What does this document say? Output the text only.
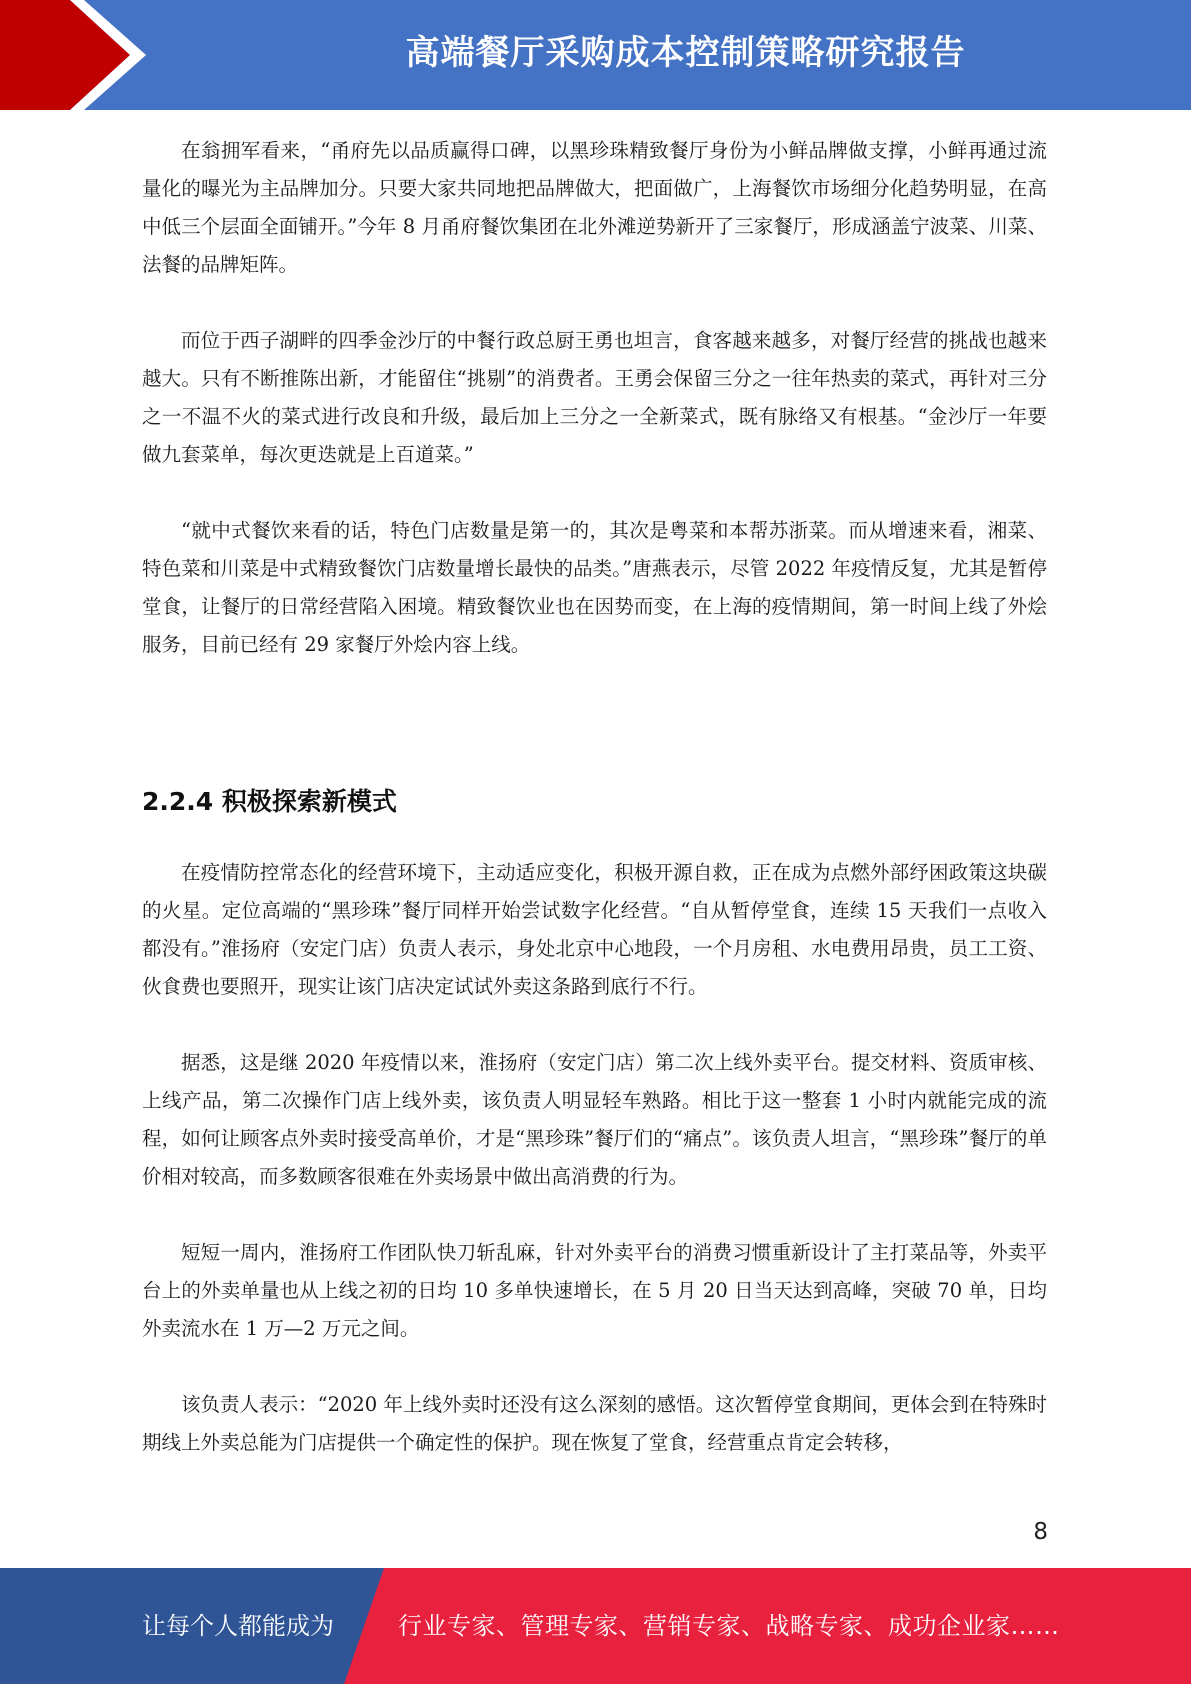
高端餐厅采购成本控制策略研究报告

在翁拥军看来，“甬府先以品质赢得口碑，以黑珍珠精致餐厅身份为小鲜品牌做支撑，小鲜再通过流量化的曝光为主品牌加分。只要大家共同地把品牌做大，把面做广，上海餐饮市场细分化趋势明显，在高中低三个层面全面铺开。”今年 8 月甬府餐饮集团在北外滩逆势新开了三家餐厅，形成涵盖宁波菜、川菜、法餐的品牌矩阵。

而位于西子湖畔的四季金沙厅的中餐行政总厨王勇也坦言，食客越来越多，对餐厅经营的挑战也越来越大。只有不断推陈出新，才能留住“挑剔”的消费者。王勇会保留三分之一往年热卖的菜式，再针对三分之一不温不火的菜式进行改良和升级，最后加上三分之一全新菜式，既有脉络又有根基。“金沙厅一年要做九套菜单，每次更迭就是上百道菜。”

“就中式餐饮来看的话，特色门店数量是第一的，其次是粤菜和本帮苏浙菜。而从增速来看，湘菜、特色菜和川菜是中式精致餐饮门店数量增长最快的品类。”唐燕表示，尽管 2022 年疫情反复，尤其是暂停堂食，让餐厅的日常经营陷入困境。精致餐饮业也在因势而变，在上海的疫情期间，第一时间上线了外烩服务，目前已经有 29 家餐厅外烩内容上线。

2.2.4 积极探索新模式

在疫情防控常态化的经营环境下，主动适应变化，积极开源自救，正在成为点燃外部纾困政策这块碳的火星。定位高端的“黑珍珠”餐厅同样开始尝试数字化经营。“自从暂停堂食，连续 15 天我们一点收入都没有。”淮扬府（安定门店）负责人表示，身处北京中心地段，一个月房租、水电费用昂贵，员工工资、伙食费也要照开，现实让该门店决定试试外卖这条路到底行不行。

据悉，这是继 2020 年疫情以来，淮扬府（安定门店）第二次上线外卖平台。提交材料、资质审核、上线产品，第二次操作门店上线外卖，该负责人明显轻车熟路。相比于这一整套 1 小时内就能完成的流程，如何让顾客点外卖时接受高单价，才是“黑珍珠”餐厅们的“痛点”。该负责人坦言，“黑珍珠”餐厅的单价相对较高，而多数顾客很难在外卖场景中做出高消费的行为。

短短一周内，淮扬府工作团队快刀斩乱麻，针对外卖平台的消费习惯重新设计了主打菜品等，外卖平台上的外卖单量也从上线之初的日均 10 多单快速增长，在 5 月 20 日当天达到高峰，突破 70 单，日均外卖流水在 1 万—2 万元之间。

该负责人表示：“2020 年上线外卖时还没有这么深刻的感悟。这次暂停堂食期间，更体会到在特殊时期线上外卖总能为门店提供一个确定性的保护。现在恢复了堂食，经营重点肯定会转移，

8
让每个人都能成为	行业专家、管理专家、营销专家、战略专家、成功企业家……
